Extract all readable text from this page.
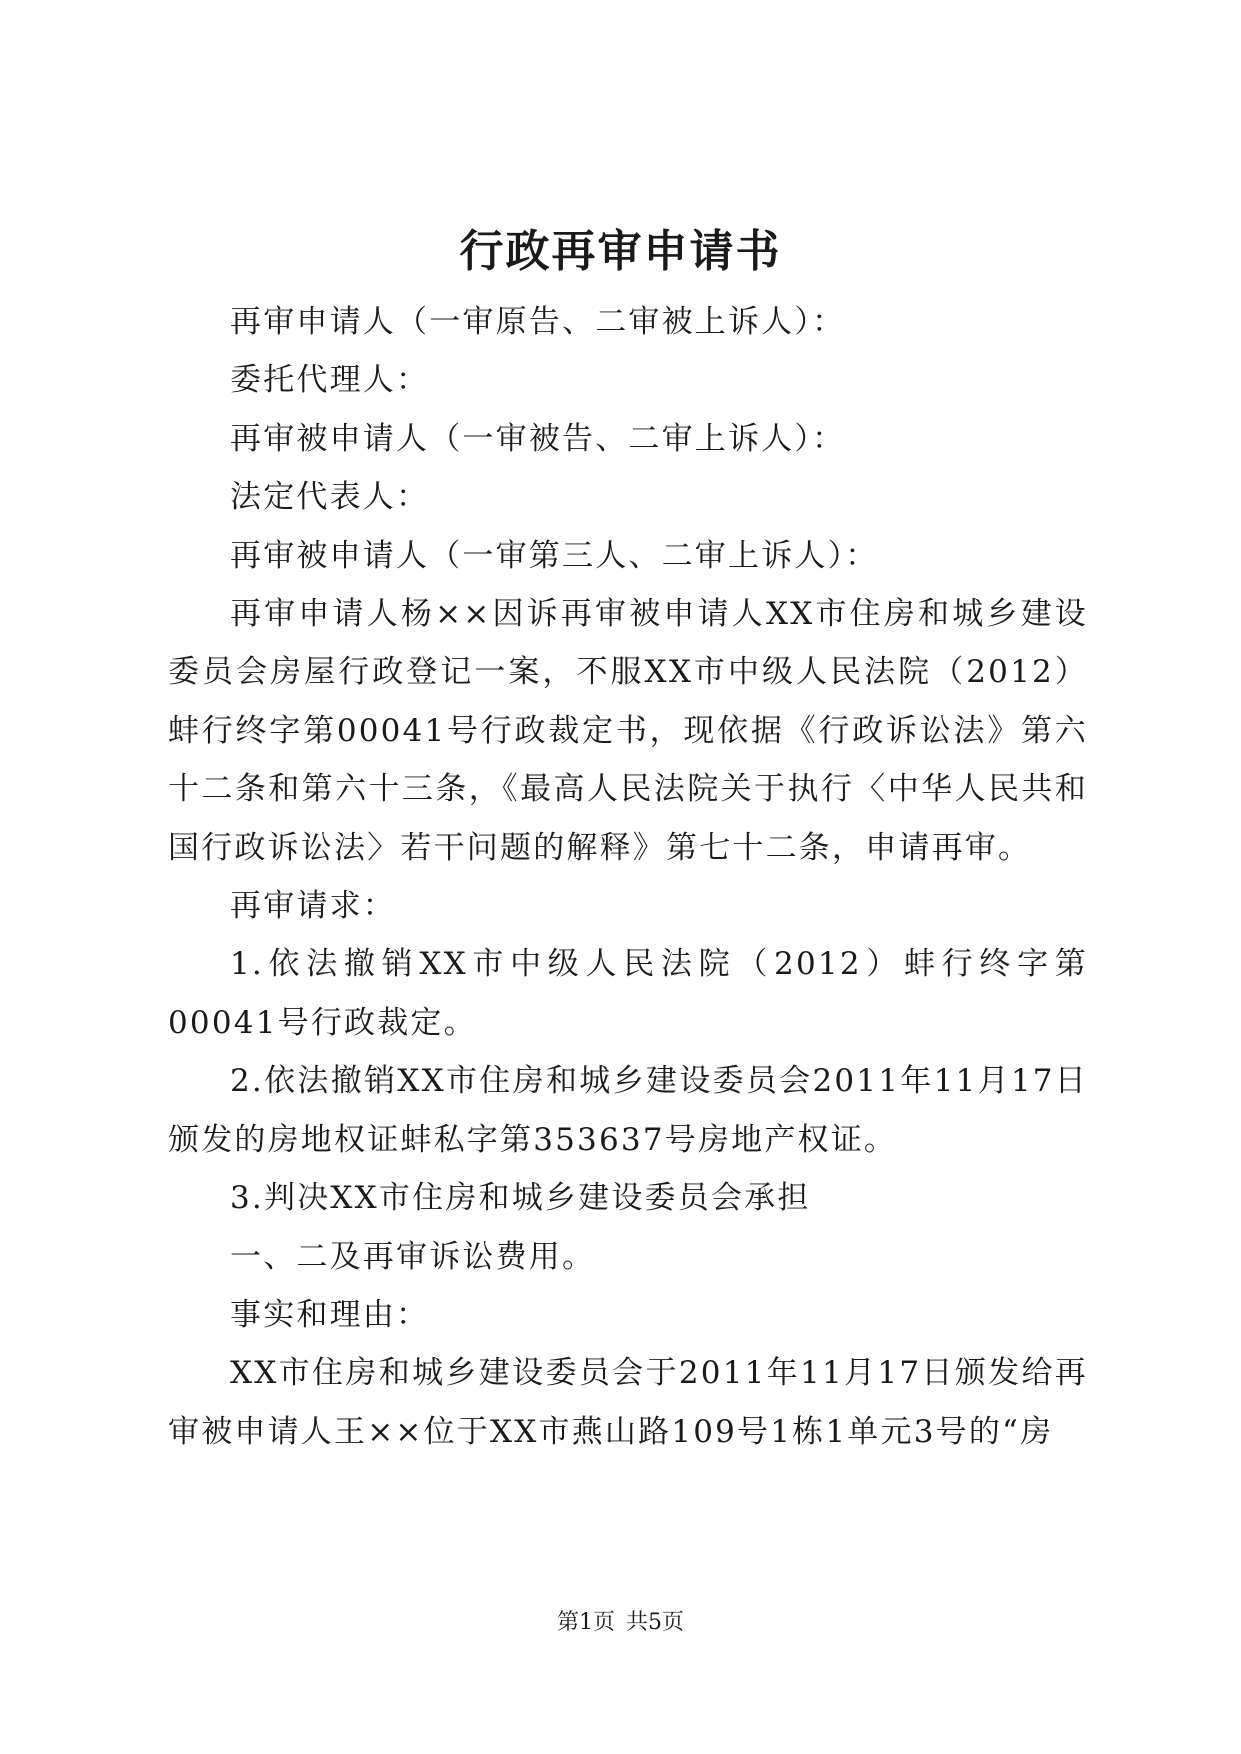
行政再审申请书

再审申请人（一审原告、二审被上诉人）：

委托代理人：

再审被申请人（一审被告、二审上诉人）：

法定代表人：

再审被申请人（一审第三人、二审上诉人）：

再审申请人杨××因诉再审被申请人XX市住房和城乡建设委员会房屋行政登记一案，不服XX市中级人民法院（2012）蚌行终字第00041号行政裁定书，现依据《行政诉讼法》第六十二条和第六十三条，《最高人民法院关于执行〈中华人民共和国行政诉讼法〉若干问题的解释》第七十二条，申请再审。

再审请求：

1.依法撤销XX市中级人民法院（2012）蚌行终字第00041号行政裁定。

2.依法撤销XX市住房和城乡建设委员会2011年11月17日颁发的房地权证蚌私字第353637号房地产权证。

3.判决XX市住房和城乡建设委员会承担

一、二及再审诉讼费用。

事实和理由：

XX市住房和城乡建设委员会于2011年11月17日颁发给再审被申请人王××位于XX市燕山路109号1栋1单元3号的“房

第1页 共5页
